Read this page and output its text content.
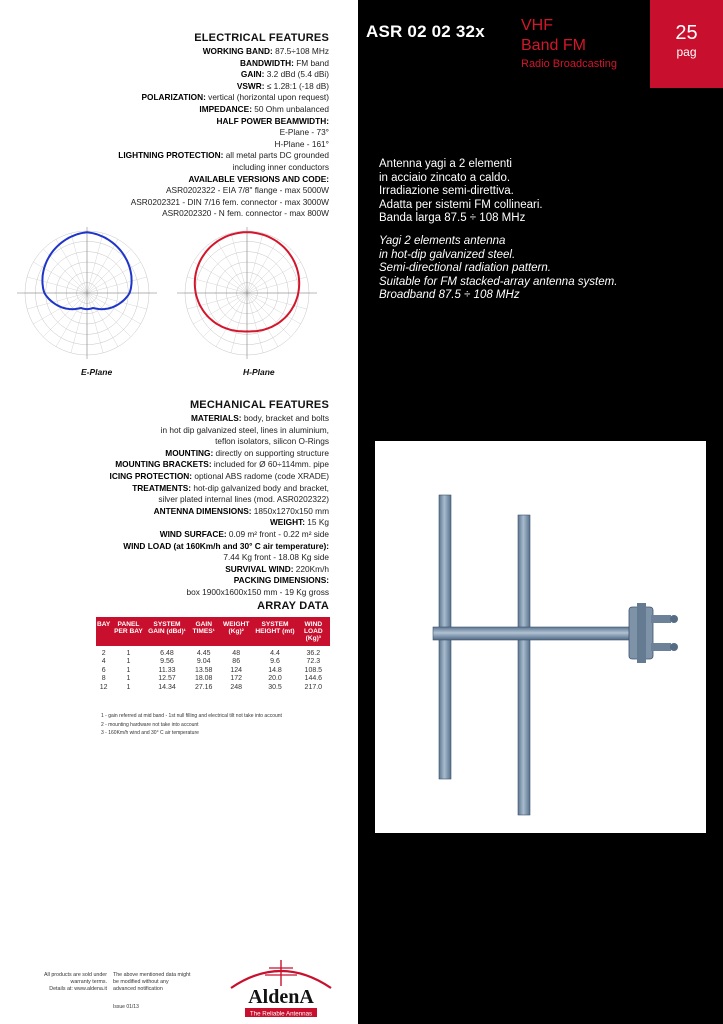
ELECTRICAL FEATURES
WORKING BAND: 87.5÷108 MHz
BANDWIDTH: FM band
GAIN: 3.2 dBd (5.4 dBi)
VSWR: ≤ 1.28:1 (-18 dB)
POLARIZATION: vertical (horizontal upon request)
IMPEDANCE: 50 Ohm unbalanced
HALF POWER BEAMWIDTH:
E-Plane - 73°
H-Plane - 161°
LIGHTNING PROTECTION: all metal parts DC grounded
including inner conductors
AVAILABLE VERSIONS AND CODE:
ASR0202322 - EIA 7/8" flange - max 5000W
ASR0202321 - DIN 7/16 fem. connector - max 3000W
ASR0202320 - N fem. connector - max 800W
E-Plane	H-Plane
MECHANICAL FEATURES
MATERIALS: body, bracket and bolts
in hot dip galvanized steel, lines in aluminium,
teflon isolators, silicon O-Rings
MOUNTING: directly on supporting structure
MOUNTING BRACKETS: included for Ø 60÷114mm. pipe
ICING PROTECTION: optional ABS radome (code XRADE)
TREATMENTS: hot-dip galvanized body and bracket,
silver plated internal lines (mod. ASR0202322)
ANTENNA DIMENSIONS: 1850x1270x150 mm
WEIGHT: 15 Kg
WIND SURFACE: 0.09 m² front - 0.22 m² side
WIND LOAD (at 160Km/h and 30° C air temperature):
7.44 Kg front - 18.08 Kg side
SURVIVAL WIND: 220Km/h
PACKING DIMENSIONS:
box 1900x1600x150 mm - 19 Kg gross
ARRAY DATA
BAY	PANEL PER BAY	SYSTEM GAIN (dBd)¹	GAIN TIMES¹	WEIGHT (Kg)²	SYSTEM HEIGHT (mt)	WIND LOAD (Kg)³
2	1	6.48	4.45	48	4.4	36.2
4	1	9.56	9.04	86	9.6	72.3
6	1	11.33	13.58	124	14.8	108.5
8	1	12.57	18.08	172	20.0	144.6
12	1	14.34	27.16	248	30.5	217.0
1 - gain referred at mid band - 1st null filling and electrical tilt not take into account
2 - mounting hardware not take into account
3 - 160Km/h wind and 30° C air temperature
All products are sold under
warranty terms.
Details at: www.aldena.it
The above mentioned data might
be modified without any
advanced notification
Issue 01/13	AldenA
The Reliable Antennas
ASR 02 02 32x VHF
Band FM
Radio Broadcasting
25
pag
Antenna yagi a 2 elementi
in acciaio zincato a caldo.
Irradiazione semi-direttiva.
Adatta per sistemi FM collineari.
Banda larga 87.5 ÷ 108 MHz
Yagi 2 elements antenna
in hot-dip galvanized steel.
Semi-directional radiation pattern.
Suitable for FM stacked-array antenna system.
Broadband 87.5 ÷ 108 MHz
